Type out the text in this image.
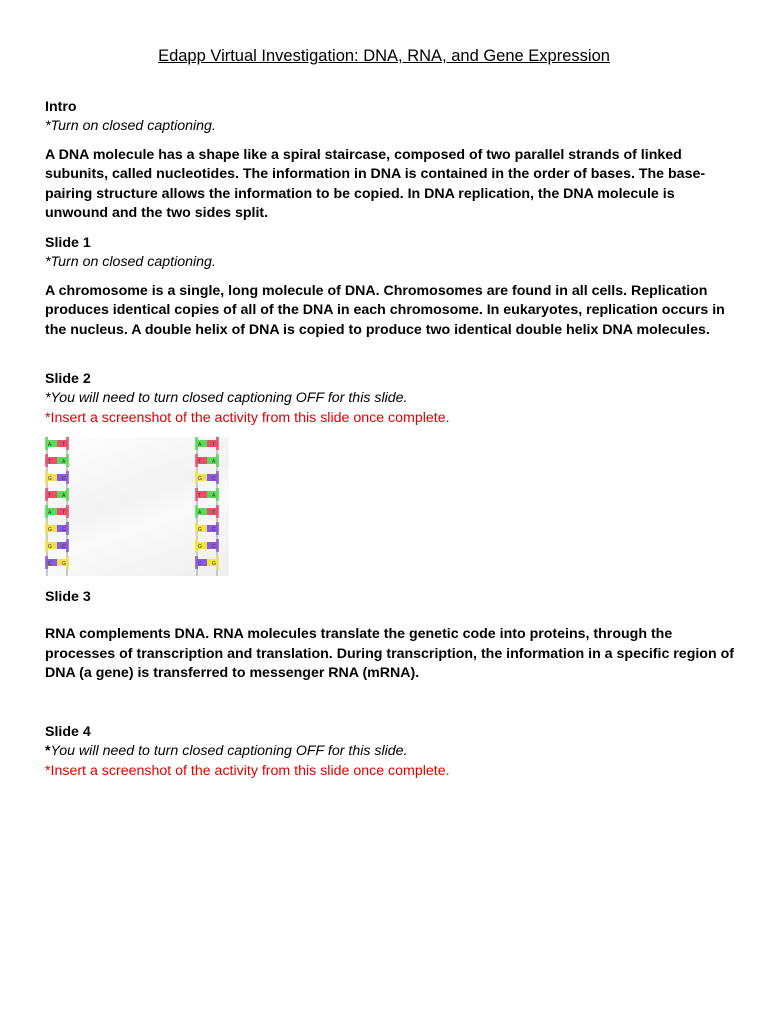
Edapp Virtual Investigation: DNA, RNA, and Gene Expression
Intro
*Turn on closed captioning.
A DNA molecule has a shape like a spiral staircase, composed of two parallel strands of linked subunits, called nucleotides. The information in DNA is contained in the order of bases. The base-pairing structure allows the information to be copied. In DNA replication, the DNA molecule is unwound and the two sides split.
Slide 1
*Turn on closed captioning.
A chromosome is a single, long molecule of DNA. Chromosomes are found in all cells. Replication produces identical copies of all of the DNA in each chromosome. In eukaryotes, replication occurs in the nucleus. A double helix of DNA is copied to produce two identical double helix DNA molecules.
Slide 2
*You will need to turn closed captioning OFF for this slide.
*Insert a screenshot of the activity from this slide once complete.
A T
T A
G C
T A
A T
G C
G C
C G
A T
T A
G C
T A
A T
G C
G C
C G
Slide 3
RNA complements DNA. RNA molecules translate the genetic code into proteins, through the processes of transcription and translation. During transcription, the information in a specific region of DNA (a gene) is transferred to messenger RNA (mRNA).
Slide 4
*You will need to turn closed captioning OFF for this slide.
*Insert a screenshot of the activity from this slide once complete.
